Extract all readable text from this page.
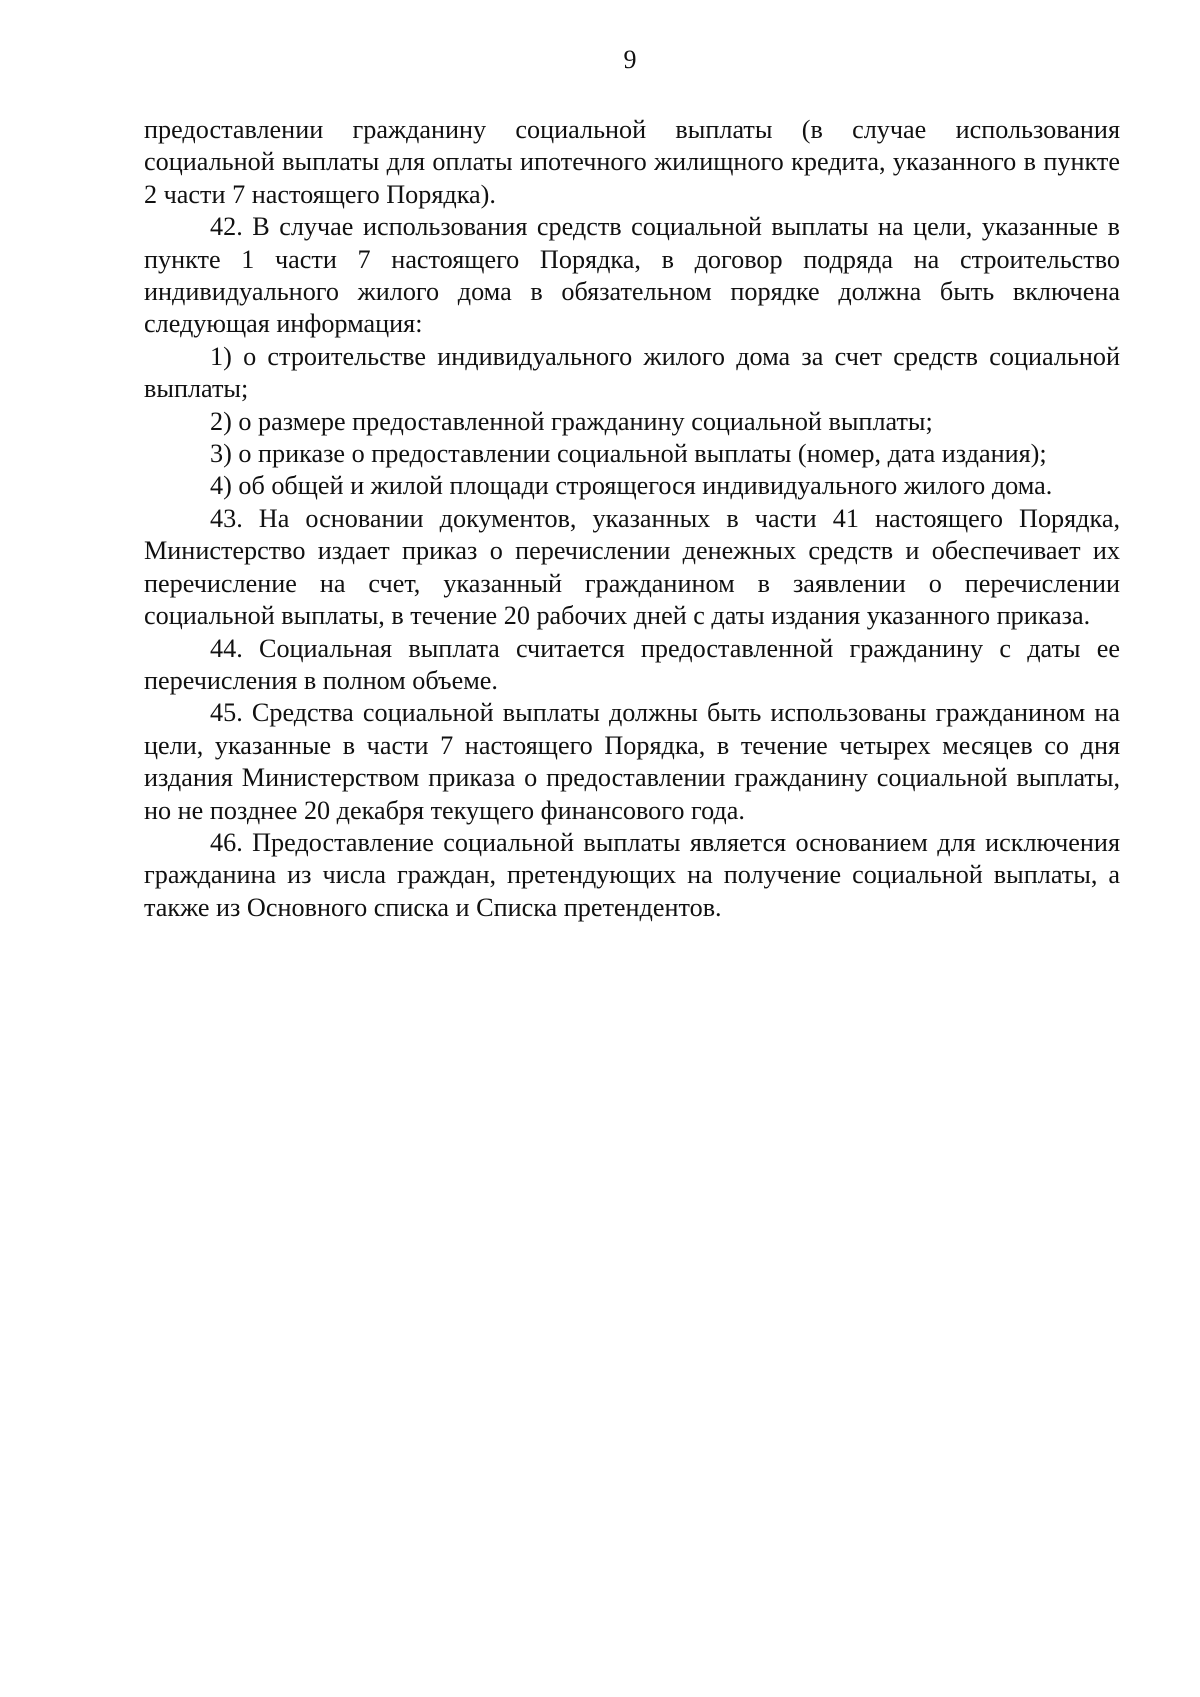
9

предоставлении гражданину социальной выплаты (в случае использования социальной выплаты для оплаты ипотечного жилищного кредита, указанного в пункте 2 части 7 настоящего Порядка).

42. В случае использования средств социальной выплаты на цели, указанные в пункте 1 части 7 настоящего Порядка, в договор подряда на строительство индивидуального жилого дома в обязательном порядке должна быть включена следующая информация:

1) о строительстве индивидуального жилого дома за счет средств социальной выплаты;

2) о размере предоставленной гражданину социальной выплаты;

3) о приказе о предоставлении социальной выплаты (номер, дата издания);

4) об общей и жилой площади строящегося индивидуального жилого дома.

43. На основании документов, указанных в части 41 настоящего Порядка, Министерство издает приказ о перечислении денежных средств и обеспечивает их перечисление на счет, указанный гражданином в заявлении о перечислении социальной выплаты, в течение 20 рабочих дней с даты издания указанного приказа.

44. Социальная выплата считается предоставленной гражданину с даты ее перечисления в полном объеме.

45. Средства социальной выплаты должны быть использованы гражданином на цели, указанные в части 7 настоящего Порядка, в течение четырех месяцев со дня издания Министерством приказа о предоставлении гражданину социальной выплаты, но не позднее 20 декабря текущего финансового года.

46. Предоставление социальной выплаты является основанием для исключения гражданина из числа граждан, претендующих на получение социальной выплаты, а также из Основного списка и Списка претендентов.
